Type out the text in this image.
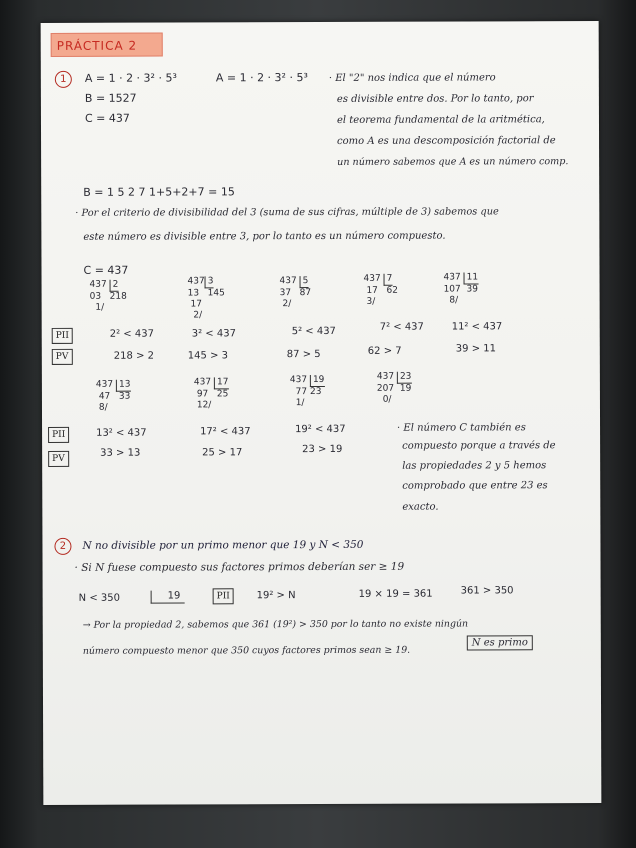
PRÁCTICA 2
1	A = 1 · 2 · 3² · 5³
B = 1527
C = 437
A = 1 · 2 · 3² · 5³ · El "2" nos indica que el número
es divisible entre dos. Por lo tanto, por
el teorema fundamental de la aritmética,
como A es una descomposición factorial de
un número sabemos que A es un número comp.
B = 1 5 2 7 1+5+2+7 = 15
· Por el criterio de divisibilidad del 3 (suma de sus cifras, múltiple de 3) sabemos que
este número es divisible entre 3, por lo tanto es un número compuesto.
C = 437
437
2
03
218

1/
437 3
13
145

17

2/
437
5
37
87

2/
437
7

17
62

3/
437
11
107
39

8/
PII
PV
2² < 437	3² < 437	5² < 437	7² < 437	11² < 437
218 > 2	145 > 3	87 > 5	62 > 7	39 > 11
437
13

47
33

8/
437
17

97
25

12/
437
19

77
23

1/
437
23
207
19

0/
PII
PV
13² < 437	17² < 437	19² < 437
33 > 13	25 > 17	23 > 19
· El número C también es
compuesto porque a través de
las propiedades 2 y 5 hemos
comprobado que entre 23 es
exacto.
2	N no divisible por un primo menor que 19 y N < 350
· Si N fuese compuesto sus factores primos deberían ser ≥ 19
N < 350	19	PII	19² > N	19 × 19 = 361	361 > 350
→ Por la propiedad 2, sabemos que 361 (19²) > 350 por lo tanto no existe ningún
número compuesto menor que 350 cuyos factores primos sean ≥ 19.
N es primo
